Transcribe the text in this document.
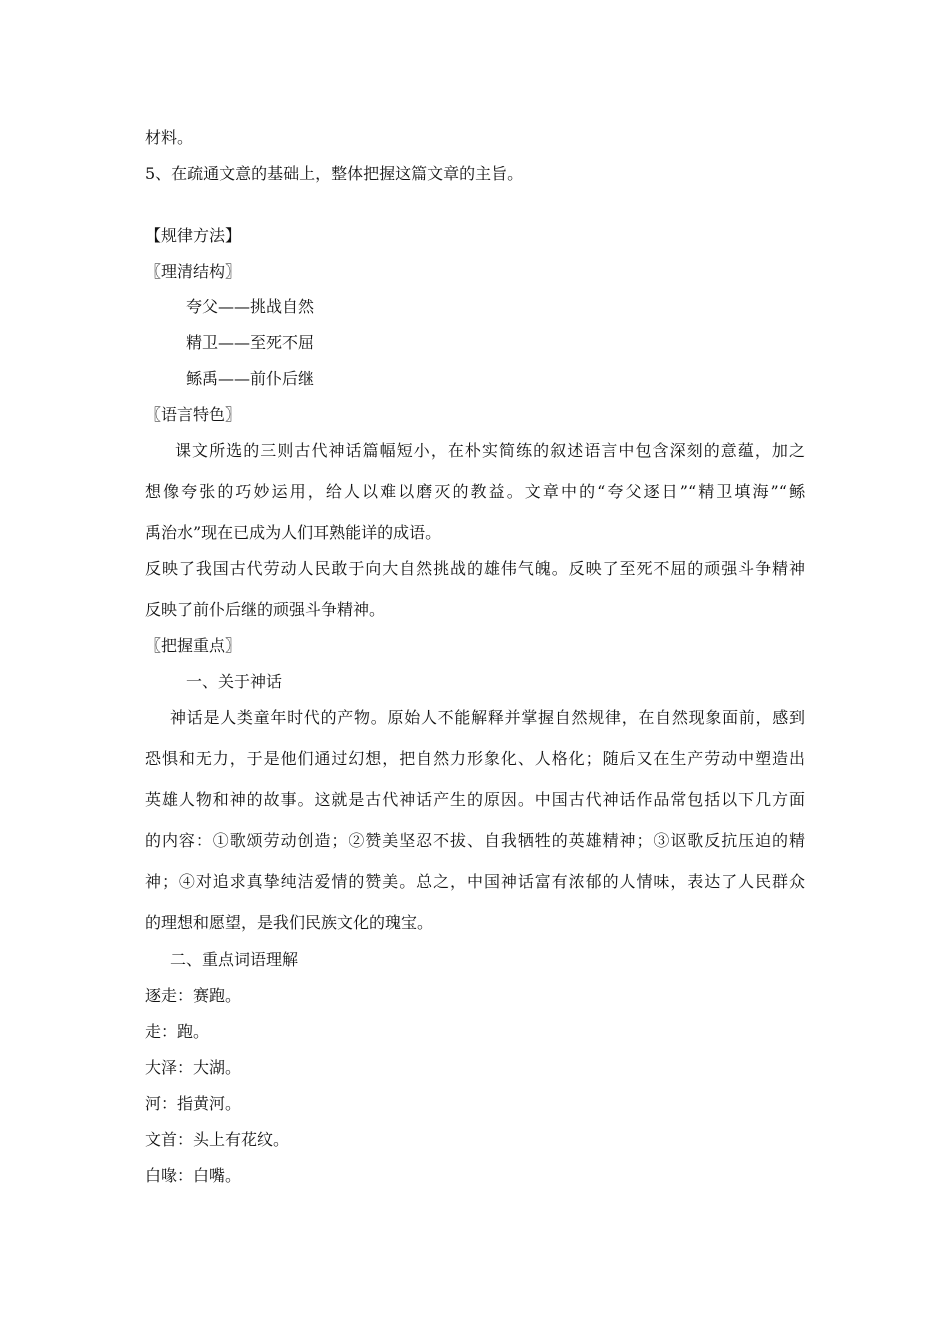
材料。
5、在疏通文意的基础上，整体把握这篇文章的主旨。
【规律方法】
〖理清结构〗
夸父——挑战自然
精卫——至死不屈
鲧禹——前仆后继
〖语言特色〗
课文所选的三则古代神话篇幅短小，在朴实简练的叙述语言中包含深刻的意蕴，加之
想像夸张的巧妙运用，给人以难以磨灭的教益。文章中的“夸父逐日”“精卫填海”“鲧
禹治水”现在已成为人们耳熟能详的成语。
反映了我国古代劳动人民敢于向大自然挑战的雄伟气魄。反映了至死不屈的顽强斗争精神
反映了前仆后继的顽强斗争精神。
〖把握重点〗
一、关于神话
神话是人类童年时代的产物。原始人不能解释并掌握自然规律，在自然现象面前，感到
恐惧和无力，于是他们通过幻想，把自然力形象化、人格化；随后又在生产劳动中塑造出
英雄人物和神的故事。这就是古代神话产生的原因。中国古代神话作品常包括以下几方面
的内容：①歌颂劳动创造；②赞美坚忍不拔、自我牺牲的英雄精神；③讴歌反抗压迫的精
神；④对追求真挚纯洁爱情的赞美。总之，中国神话富有浓郁的人情味，表达了人民群众
的理想和愿望，是我们民族文化的瑰宝。
二、重点词语理解
逐走：赛跑。
走：跑。
大泽：大湖。
河：指黄河。
文首：头上有花纹。
白喙：白嘴。
